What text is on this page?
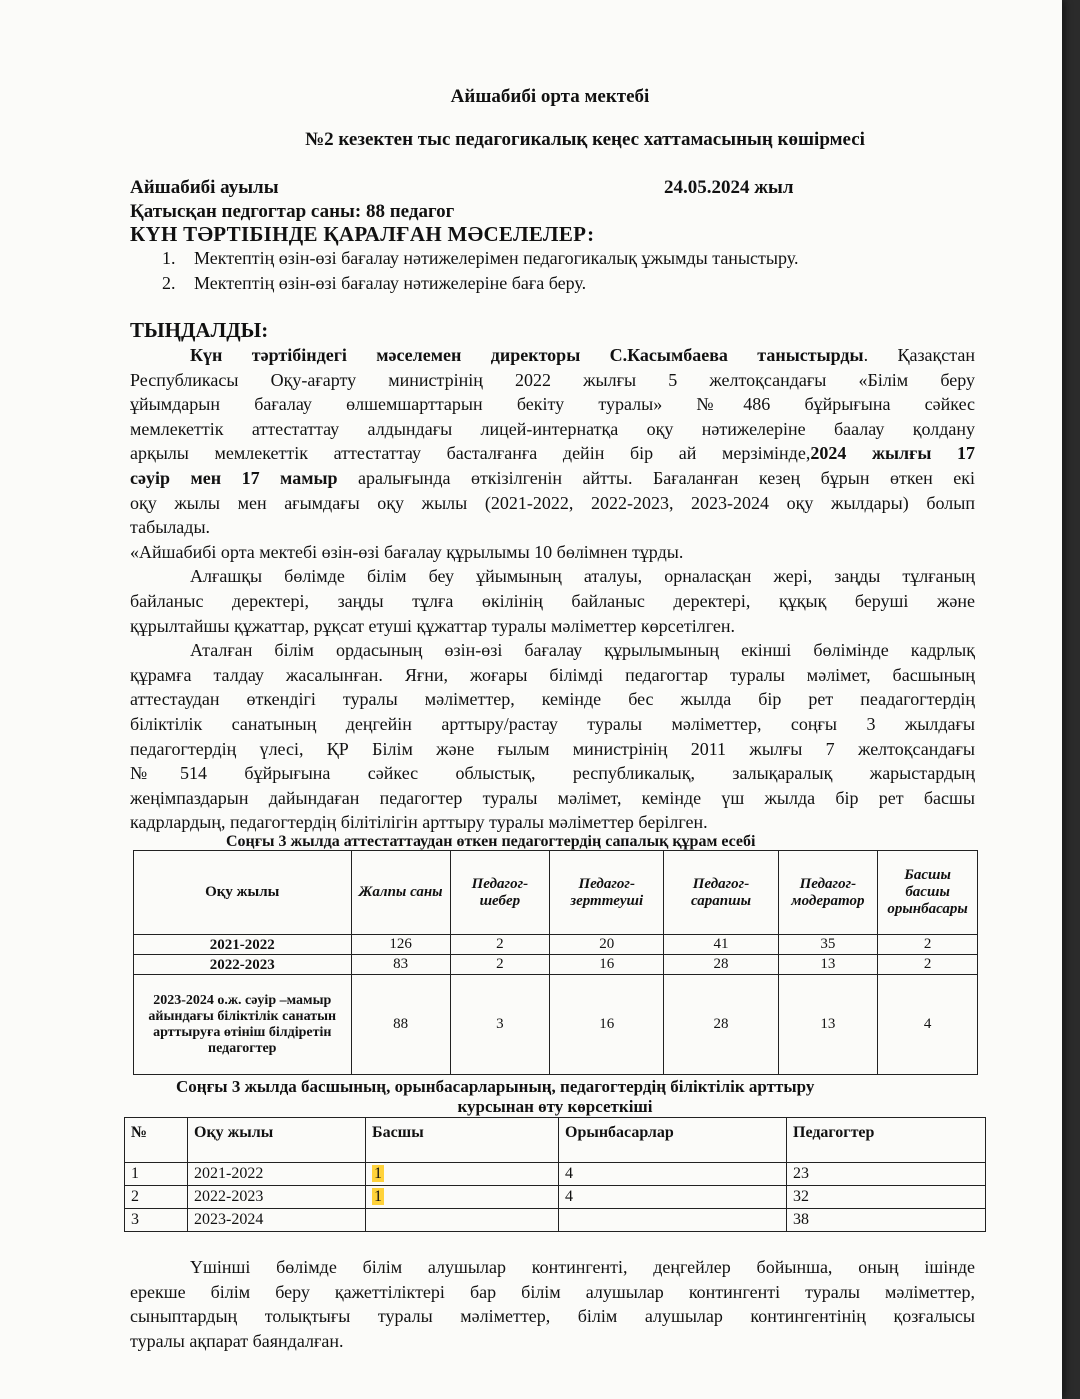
Айшабибі орта мектебі
№2 кезектен тыс педагогикалық кеңес хаттамасының көшірмесі
Айшабибі ауылы	24.05.2024 жыл
Қатысқан педгогтар саны: 88 педагог
КҮН ТӘРТІБІНДЕ ҚАРАЛҒАН МӘСЕЛЕЛЕР:
1. Мектептің өзін-өзі бағалау нәтижелерімен педагогикалық ұжымды таныстыру.
2. Мектептің өзін-өзі бағалау нәтижелеріне баға беру.
ТЫҢДАЛДЫ:
Күн тәртібіндегі мәселемен директоры С.Касымбаева таныстырды. Қазақстан
Республикасы Оқу-ағарту министрінің 2022 жылғы 5 желтоқсандағы «Білім беру
ұйымдарын бағалау өлшемшарттарын бекіту туралы» №486 бұйрығына сәйкес
мемлекеттік аттестаттау алдындағы лицей-интернатқа оқу нәтижелеріне баалау қолдану
арқылы мемлекеттік аттестаттау басталғанға дейін бір ай мерзімінде,2024 жылғы 17
сәуір мен 17 мамыр аралығында өткізілгенін айтты. Бағаланған кезең бұрын өткен екі
оқу жылы мен ағымдағы оқу жылы (2021-2022, 2022-2023, 2023-2024 оқу жылдары) болып
табылады.
«Айшабибі орта мектебі өзін-өзі бағалау құрылымы 10 бөлімнен тұрды.
Алғашқы бөлімде білім беу ұйымының аталуы, орналасқан жері, заңды тұлғаның
байланыс деректері, заңды тұлға өкілінің байланыс деректері, құқық беруші және
құрылтайшы құжаттар, рұқсат етуші құжаттар туралы мәліметтер көрсетілген.
Аталған білім ордасының өзін-өзі бағалау құрылымының екінші бөлімінде кадрлық
құрамға талдау жасалынған. Яғни, жоғары білімді педагогтар туралы мәлімет, басшының
аттестаудан өткендігі туралы мәліметтер, кемінде бес жылда бір рет пеадагогтердің
біліктілік санатының деңгейін арттыру/растау туралы мәліметтер, соңғы 3 жылдағы
педагогтердің үлесі, ҚР Білім және ғылым министрінің 2011 жылғы 7 желтоқсандағы
№514 бұйрығына сәйкес облыстық, республикалық, залықаралық жарыстардың
жеңімпаздарын дайындаған педагогтер туралы мәлімет, кемінде үш жылда бір рет басшы
кадрлардың, педагогтердің білітілігін арттыру туралы мәліметтер берілген.
Соңғы 3 жылда аттестаттаудан өткен педагогтердің сапалық құрам есебі
Оқу жылы	Жалпы саны	Педагог-шебер	Педагог-зерттеуші	Педагог-сарапшы	Педагог-модератор	Басшы басшы орынбасары
2021-2022	126	2	20	41	35	2
2022-2023	83	2	16	28	13	2
2023-2024 о.ж. сәуір –мамыр айындағы біліктілік санатын арттыруға өтініш білдіретін педагогтер	88	3	16	28	13	4
Соңғы 3 жылда басшының, орынбасарларының, педагогтердің біліктілік арттыру
курсынан өту көрсеткіші
№	Оқу жылы	Басшы	Орынбасарлар	Педагогтер
1	2021-2022	1	4	23
2	2022-2023	1	4	32
3	2023-2024			38
Үшінші бөлімде білім алушылар контингенті, деңгейлер бойынша, оның ішінде
ерекше білім беру қажеттіліктері бар білім алушылар контингенті туралы мәліметтер,
сыныптардың толықтығы туралы мәліметтер, білім алушылар контингентінің қозғалысы
туралы ақпарат баяндалған.
